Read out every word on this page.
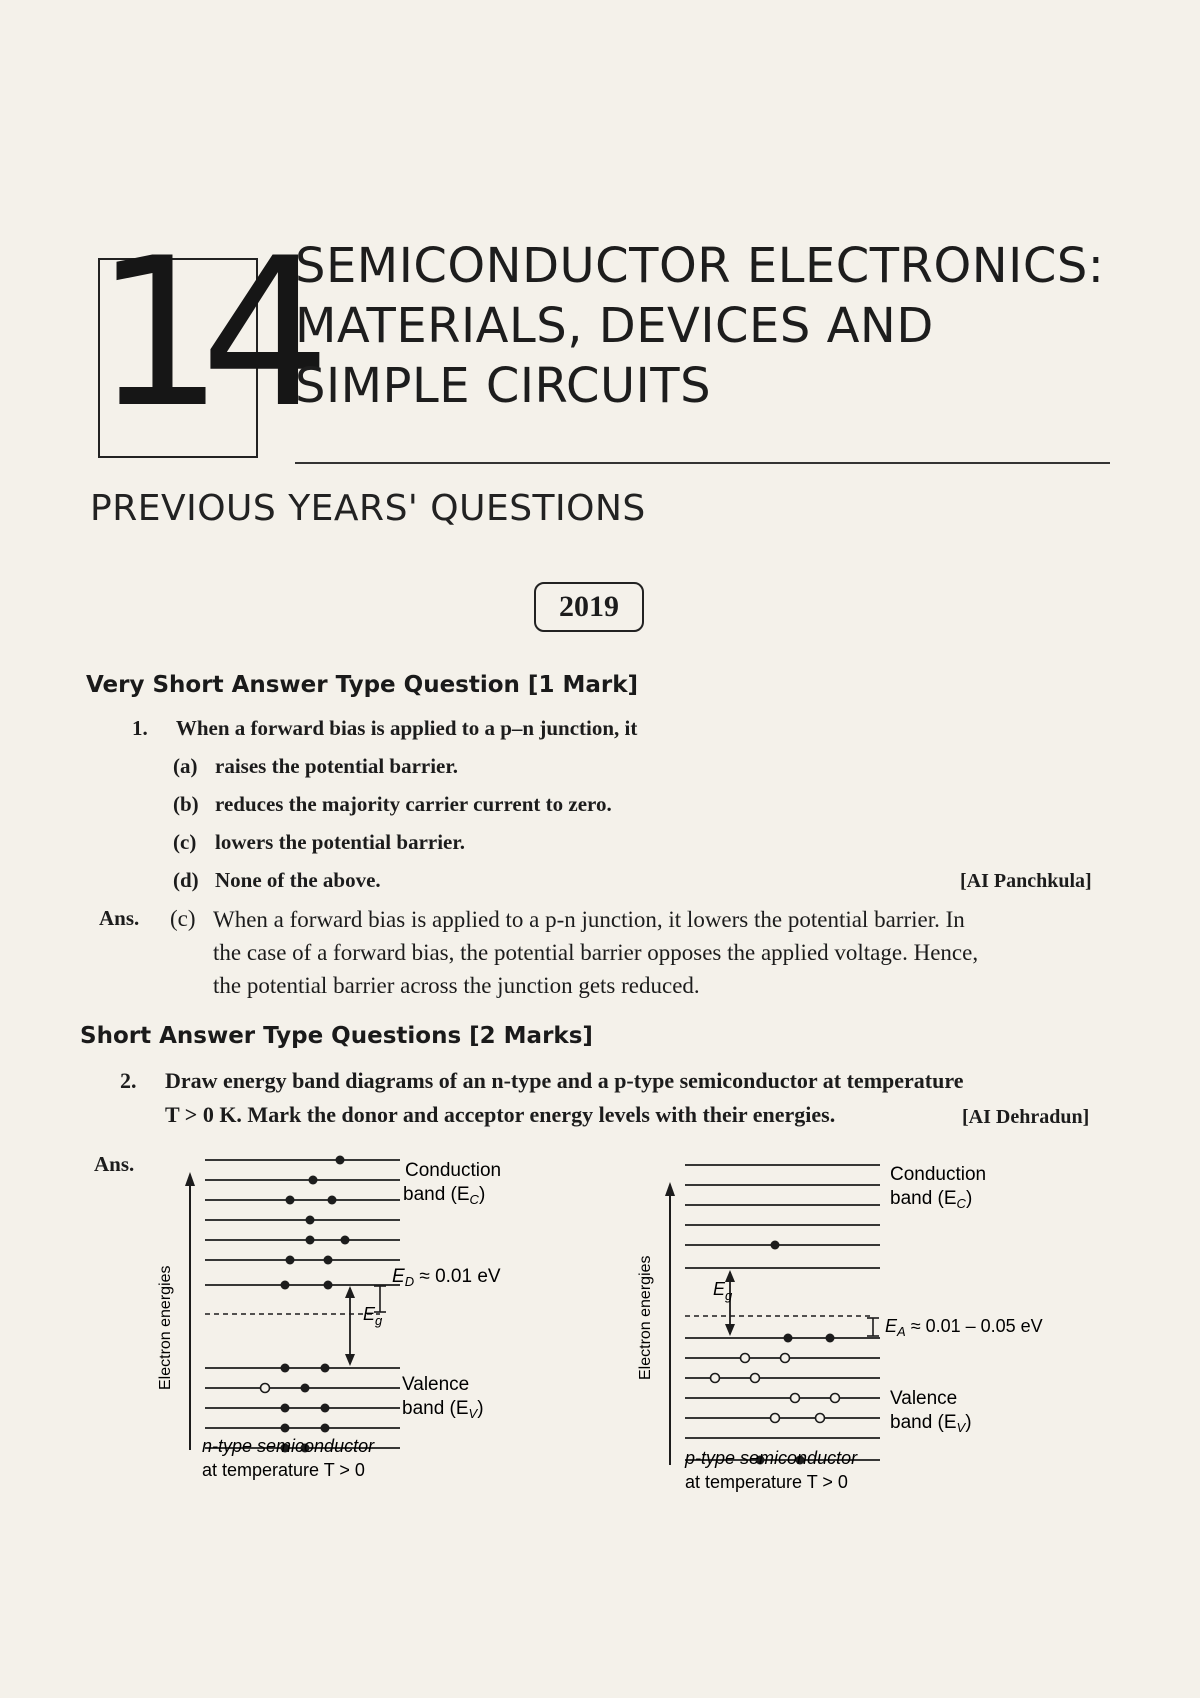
14
SEMICONDUCTOR ELECTRONICS:
MATERIALS, DEVICES AND
SIMPLE CIRCUITS
PREVIOUS YEARS' QUESTIONS
2019
Very Short Answer Type Question [1 Mark]
1. When a forward bias is applied to a p–n junction, it
(a) raises the potential barrier.
(b) reduces the majority carrier current to zero.
(c) lowers the potential barrier.
(d) None of the above.	[AI Panchkula]
Ans. (c) When a forward bias is applied to a p-n junction, it lowers the potential barrier. In
the case of a forward bias, the potential barrier opposes the applied voltage. Hence,
the potential barrier across the junction gets reduced.
Short Answer Type Questions [2 Marks]
2. Draw energy band diagrams of an n-type and a p-type semiconductor at temperature
T > 0 K. Mark the donor and acceptor energy levels with their energies.	[AI Dehradun]
Ans.
Electron energies
Conduction
band $(E_C)$
$E_D \approx 0.01$ eV
$E_g$
Valence
band $(E_V)$
n-type semiconductor
at temperature T > 0
Electron energies
Conduction
band $(E_C)$
$E_g$
$E_A \approx 0.01 - 0.05$ eV
Valence
band $(E_V)$
p-type semiconductor
at temperature T > 0
